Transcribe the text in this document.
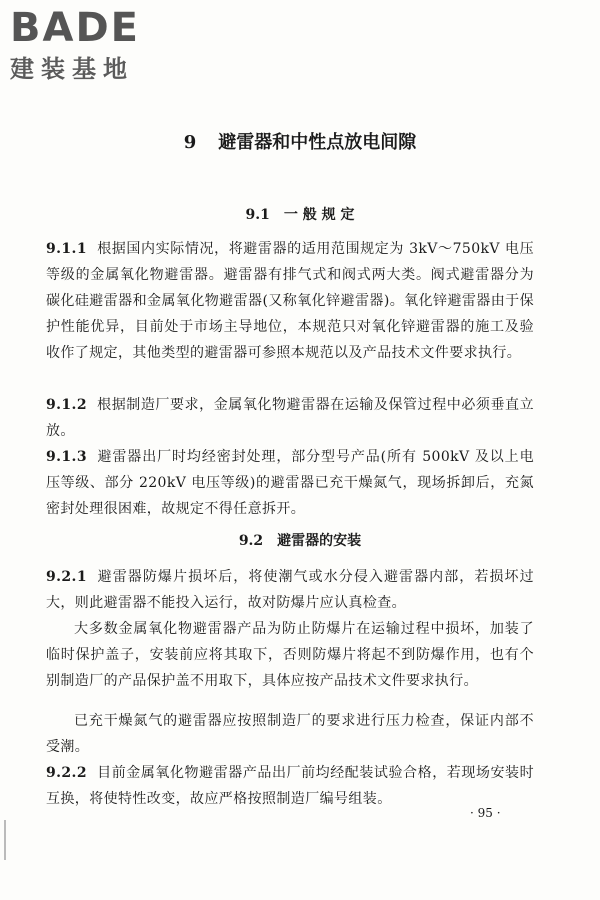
BADE
建装基地
9 避雷器和中性点放电间隙
9.1 一 般 规 定
9.1.1 根据国内实际情况，将避雷器的适用范围规定为 3kV～750kV 电压等级的金属氧化物避雷器。避雷器有排气式和阀式两大类。阀式避雷器分为碳化硅避雷器和金属氧化物避雷器(又称氧化锌避雷器)。氧化锌避雷器由于保护性能优异，目前处于市场主导地位，本规范只对氧化锌避雷器的施工及验收作了规定，其他类型的避雷器可参照本规范以及产品技术文件要求执行。
9.1.2 根据制造厂要求，金属氧化物避雷器在运输及保管过程中必须垂直立放。
9.1.3 避雷器出厂时均经密封处理，部分型号产品(所有 500kV 及以上电压等级、部分 220kV 电压等级)的避雷器已充干燥氮气，现场拆卸后，充氮密封处理很困难，故规定不得任意拆开。
9.2 避雷器的安装
9.2.1 避雷器防爆片损坏后，将使潮气或水分侵入避雷器内部，若损坏过大，则此避雷器不能投入运行，故对防爆片应认真检查。
大多数金属氧化物避雷器产品为防止防爆片在运输过程中损坏，加装了临时保护盖子，安装前应将其取下，否则防爆片将起不到防爆作用，也有个别制造厂的产品保护盖不用取下，具体应按产品技术文件要求执行。
已充干燥氮气的避雷器应按照制造厂的要求进行压力检查，保证内部不受潮。
9.2.2 目前金属氧化物避雷器产品出厂前均经配装试验合格，若现场安装时互换，将使特性改变，故应严格按照制造厂编号组装。
· 95 ·
